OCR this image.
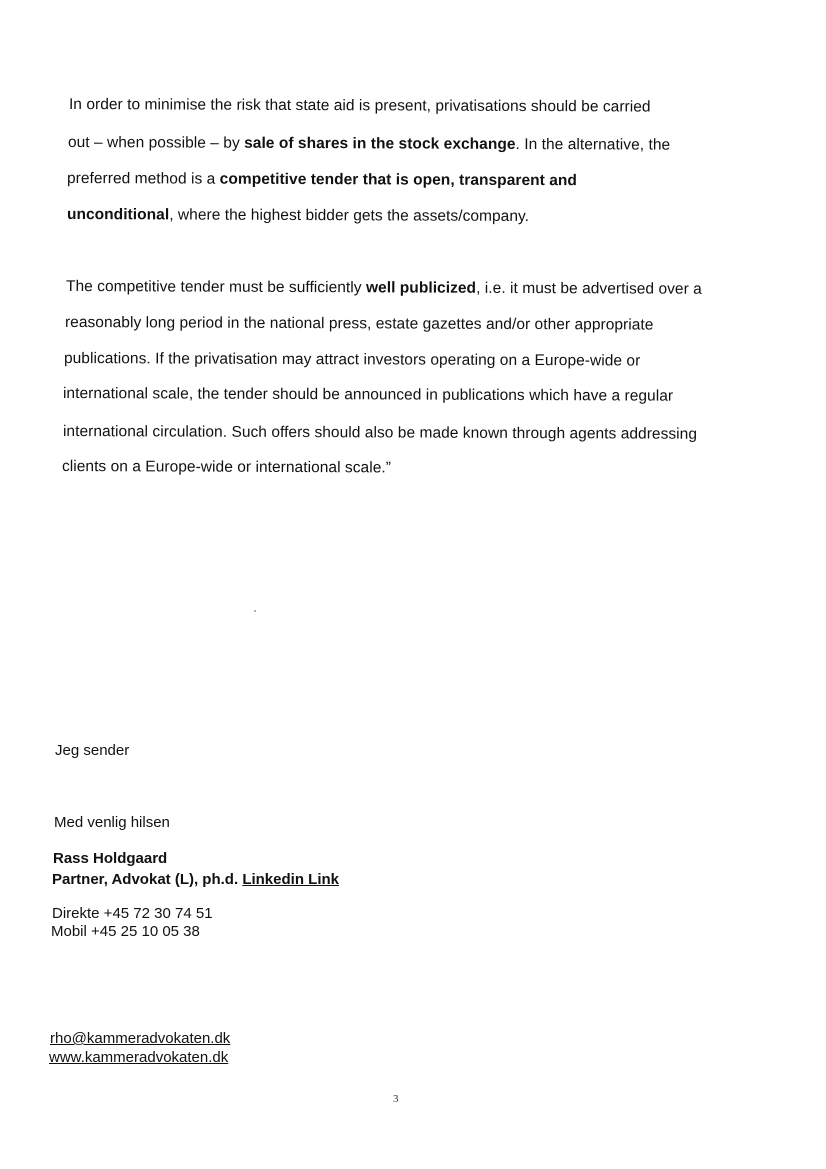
In order to minimise the risk that state aid is present, privatisations should be carried
out – when possible – by sale of shares in the stock exchange. In the alternative, the
preferred method is a competitive tender that is open, transparent and
unconditional, where the highest bidder gets the assets/company.
The competitive tender must be sufficiently well publicized, i.e. it must be advertised over a
reasonably long period in the national press, estate gazettes and/or other appropriate
publications. If the privatisation may attract investors operating on a Europe-wide or
international scale, the tender should be announced in publications which have a regular
international circulation. Such offers should also be made known through agents addressing
clients on a Europe-wide or international scale.”
Jeg sender
Med venlig hilsen
Rass Holdgaard
Partner, Advokat (L), ph.d. Linkedin Link
Direkte +45 72 30 74 51
Mobil +45 25 10 05 38
rho@kammeradvokaten.dk
www.kammeradvokaten.dk
3
